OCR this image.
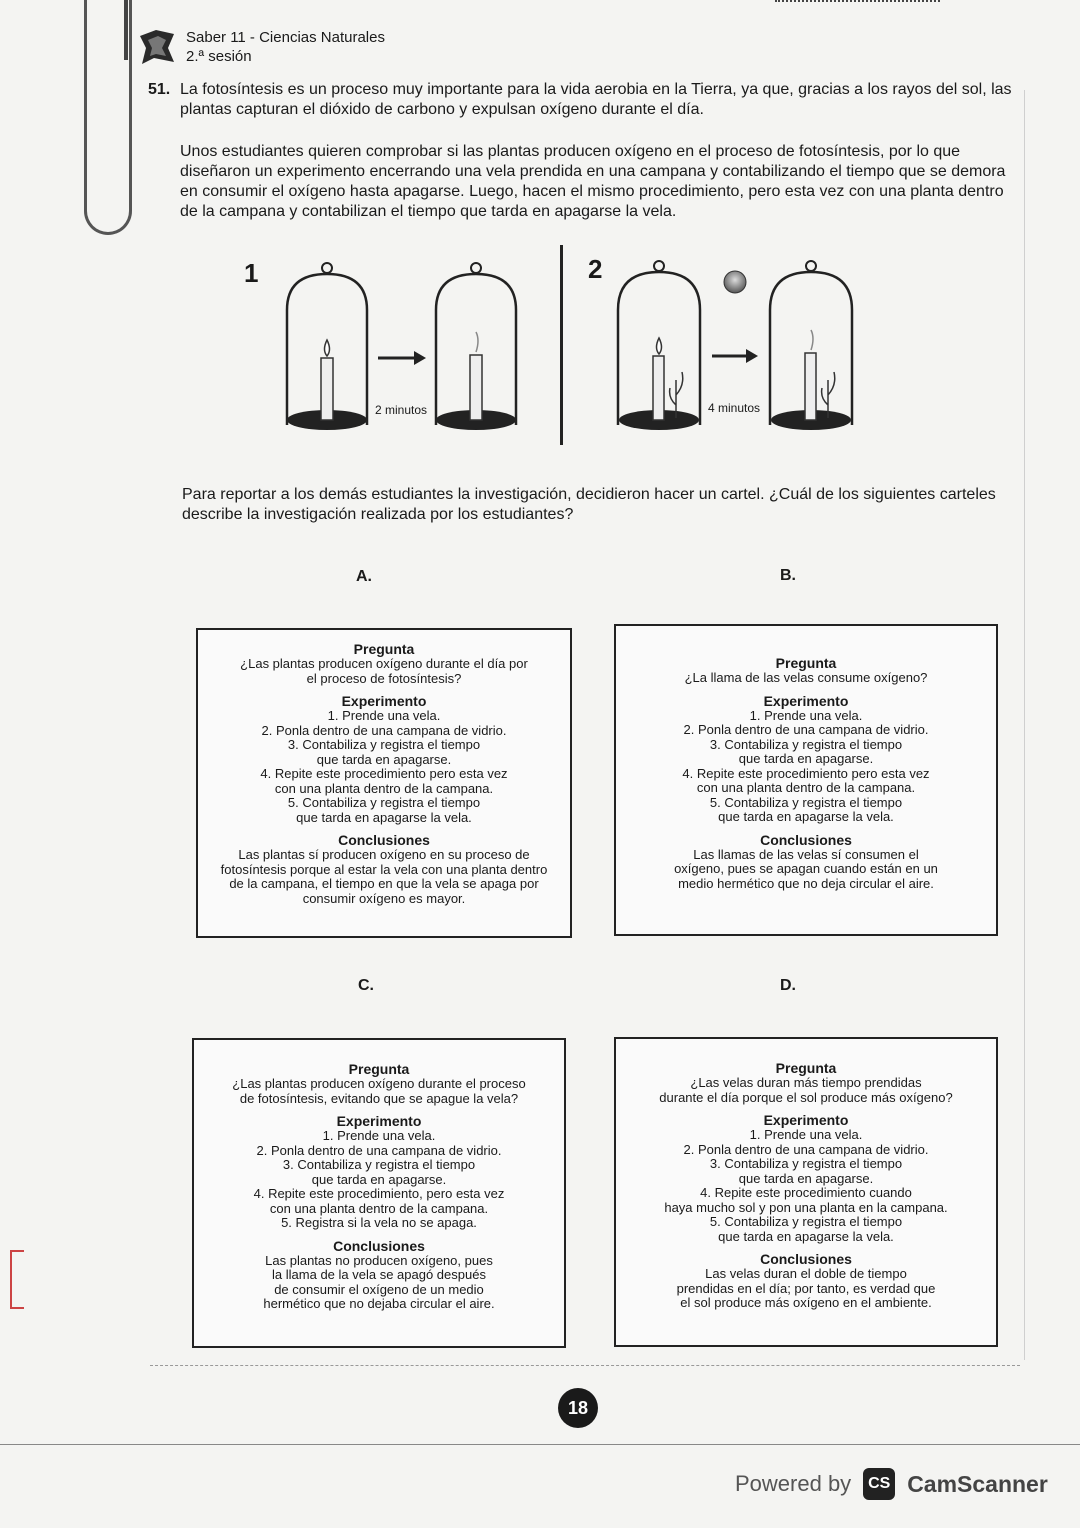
Saber 11 - Ciencias Naturales
2.ª sesión
51. La fotosíntesis es un proceso muy importante para la vida aerobia en la Tierra, ya que, gracias a los rayos del sol, las plantas capturan el dióxido de carbono y expulsan oxígeno durante el día.
Unos estudiantes quieren comprobar si las plantas producen oxígeno en el proceso de fotosíntesis, por lo que diseñaron un experimento encerrando una vela prendida en una campana y contabilizando el tiempo que se demora en consumir el oxígeno hasta apagarse. Luego, hacen el mismo procedimiento, pero esta vez con una planta dentro de la campana y contabilizan el tiempo que tarda en apagarse la vela.
Para reportar a los demás estudiantes la investigación, decidieron hacer un cartel. ¿Cuál de los siguientes carteles describe la investigación realizada por los estudiantes?
1	2
2 minutos	4 minutos
A.
Pregunta

¿Las plantas producen oxígeno durante el día por
el proceso de fotosíntesis?

Experimento

1. Prende una vela.
2. Ponla dentro de una campana de vidrio.
3. Contabiliza y registra el tiempo
que tarda en apagarse.
4. Repite este procedimiento pero esta vez
con una planta dentro de la campana.
5. Contabiliza y registra el tiempo
que tarda en apagarse la vela.

Conclusiones

Las plantas sí producen oxígeno en su proceso de
fotosíntesis porque al estar la vela con una planta dentro
de la campana, el tiempo en que la vela se apaga por
consumir oxígeno es mayor.

B.
Pregunta

¿La llama de las velas consume oxígeno?

Experimento

1. Prende una vela.
2. Ponla dentro de una campana de vidrio.
3. Contabiliza y registra el tiempo
que tarda en apagarse.
4. Repite este procedimiento pero esta vez
con una planta dentro de la campana.
5. Contabiliza y registra el tiempo
que tarda en apagarse la vela.

Conclusiones

Las llamas de las velas sí consumen el
oxígeno, pues se apagan cuando están en un
medio hermético que no deja circular el aire.

C.
Pregunta

¿Las plantas producen oxígeno durante el proceso
de fotosíntesis, evitando que se apague la vela?

Experimento

1. Prende una vela.
2. Ponla dentro de una campana de vidrio.
3. Contabiliza y registra el tiempo
que tarda en apagarse.
4. Repite este procedimiento, pero esta vez
con una planta dentro de la campana.
5. Registra si la vela no se apaga.

Conclusiones

Las plantas no producen oxígeno, pues
la llama de la vela se apagó después
de consumir el oxígeno de un medio
hermético que no dejaba circular el aire.

D.
Pregunta

¿Las velas duran más tiempo prendidas
durante el día porque el sol produce más oxígeno?

Experimento

1. Prende una vela.
2. Ponla dentro de una campana de vidrio.
3. Contabiliza y registra el tiempo
que tarda en apagarse.
4. Repite este procedimiento cuando
haya mucho sol y pon una planta en la campana.
5. Contabiliza y registra el tiempo
que tarda en apagarse la vela.

Conclusiones

Las velas duran el doble de tiempo
prendidas en el día; por tanto, es verdad que
el sol produce más oxígeno en el ambiente.

18
Powered by	CS CamScanner
